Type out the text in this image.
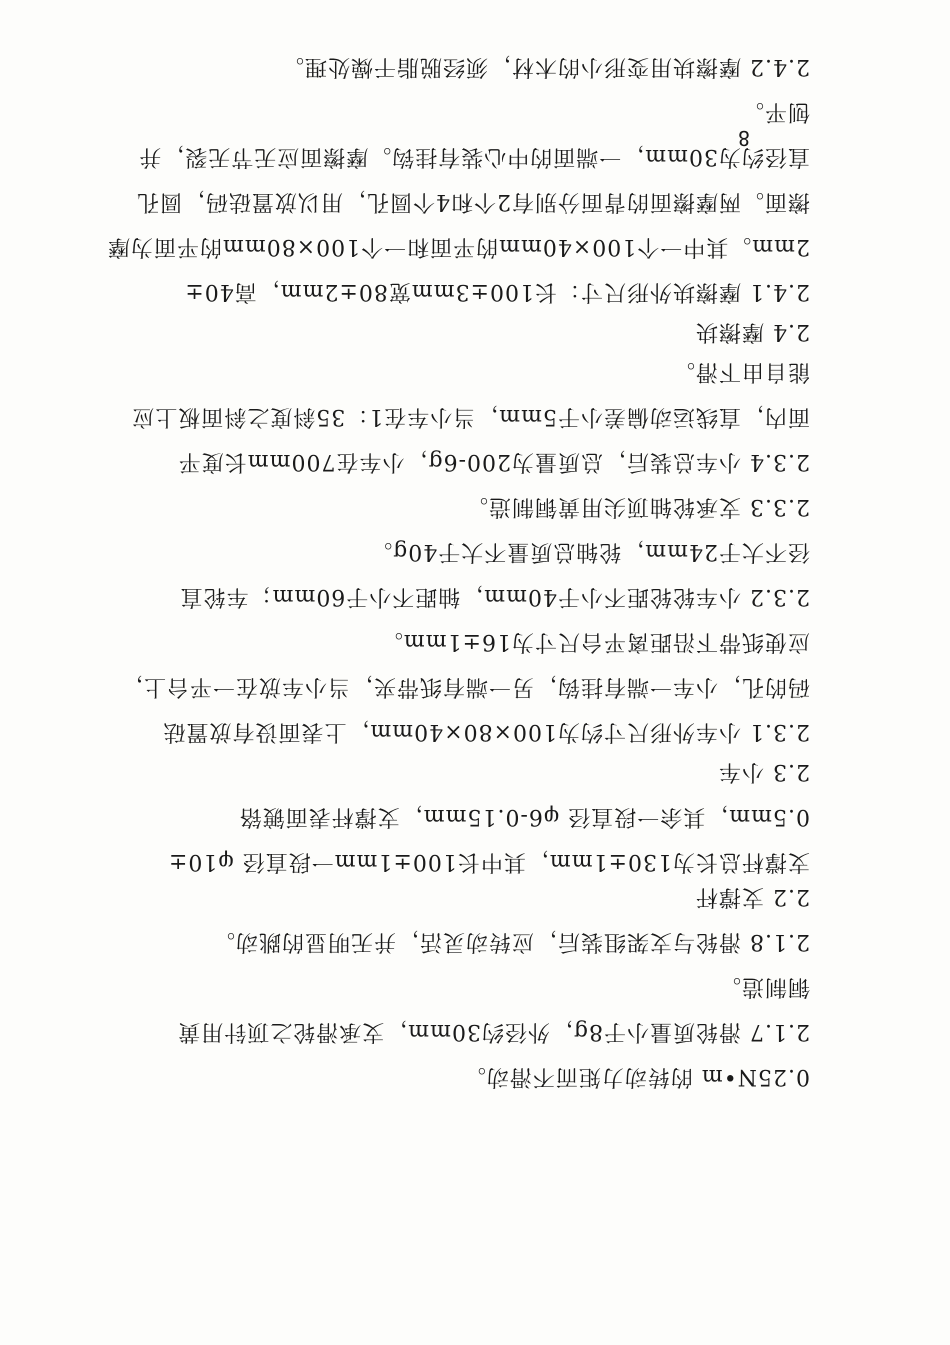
0.25N•m 的转动力矩而不滑动。
2.1.7 滑轮质量小于8g，外径约30mm，支承滑轮之顶针用黄
铜制造。
2.1.8 滑轮与支架组装后，应转动灵活，并无明显的跳动。
2.2 支撑杆
支撑杆总长为130±1mm，其中长100±1mm一段直径 φ10±
0.5mm，其余一段直径 φ6-0.15mm，支撑杆表面镀铬
2.3 小车
2.3.1 小车外形尺寸约为100×80×40mm，上表面设有放置砝
码的孔，小车一端有挂钩，另一端有纸带夹，当小车放在一平台上，
应使纸带下沿距离平台尺寸为16±1mm。
2.3.2 小车轮轮距不小于40mm，轴距不小于60mm；车轮直
径不大于24mm，轮轴总质量不大于40g。
2.3.3 支承轮轴顶尖用黄铜制造。
2.3.4 小车总装后，总质量为200-6g，小车在700mm长度平
面内，直线运动偏差小于5mm，当小车在1：35斜度之斜面板上应
能自由下滑。
2.4 摩擦块
2.4.1 摩擦块外形尺寸：长100±3mm宽80±2mm，高40±
2mm。其中一个100×40mm的平面和一个100×80mm的平面为摩
擦面。两摩擦面的背面分别有2个和4个圆孔，用以放置砝码，圆孔
直径约为30mm，一端面的中心装有挂钩。摩擦面应无节无裂，并
刨平。
2.4.2 摩擦块用变形小的木材，须经脱脂干燥处理。
8
